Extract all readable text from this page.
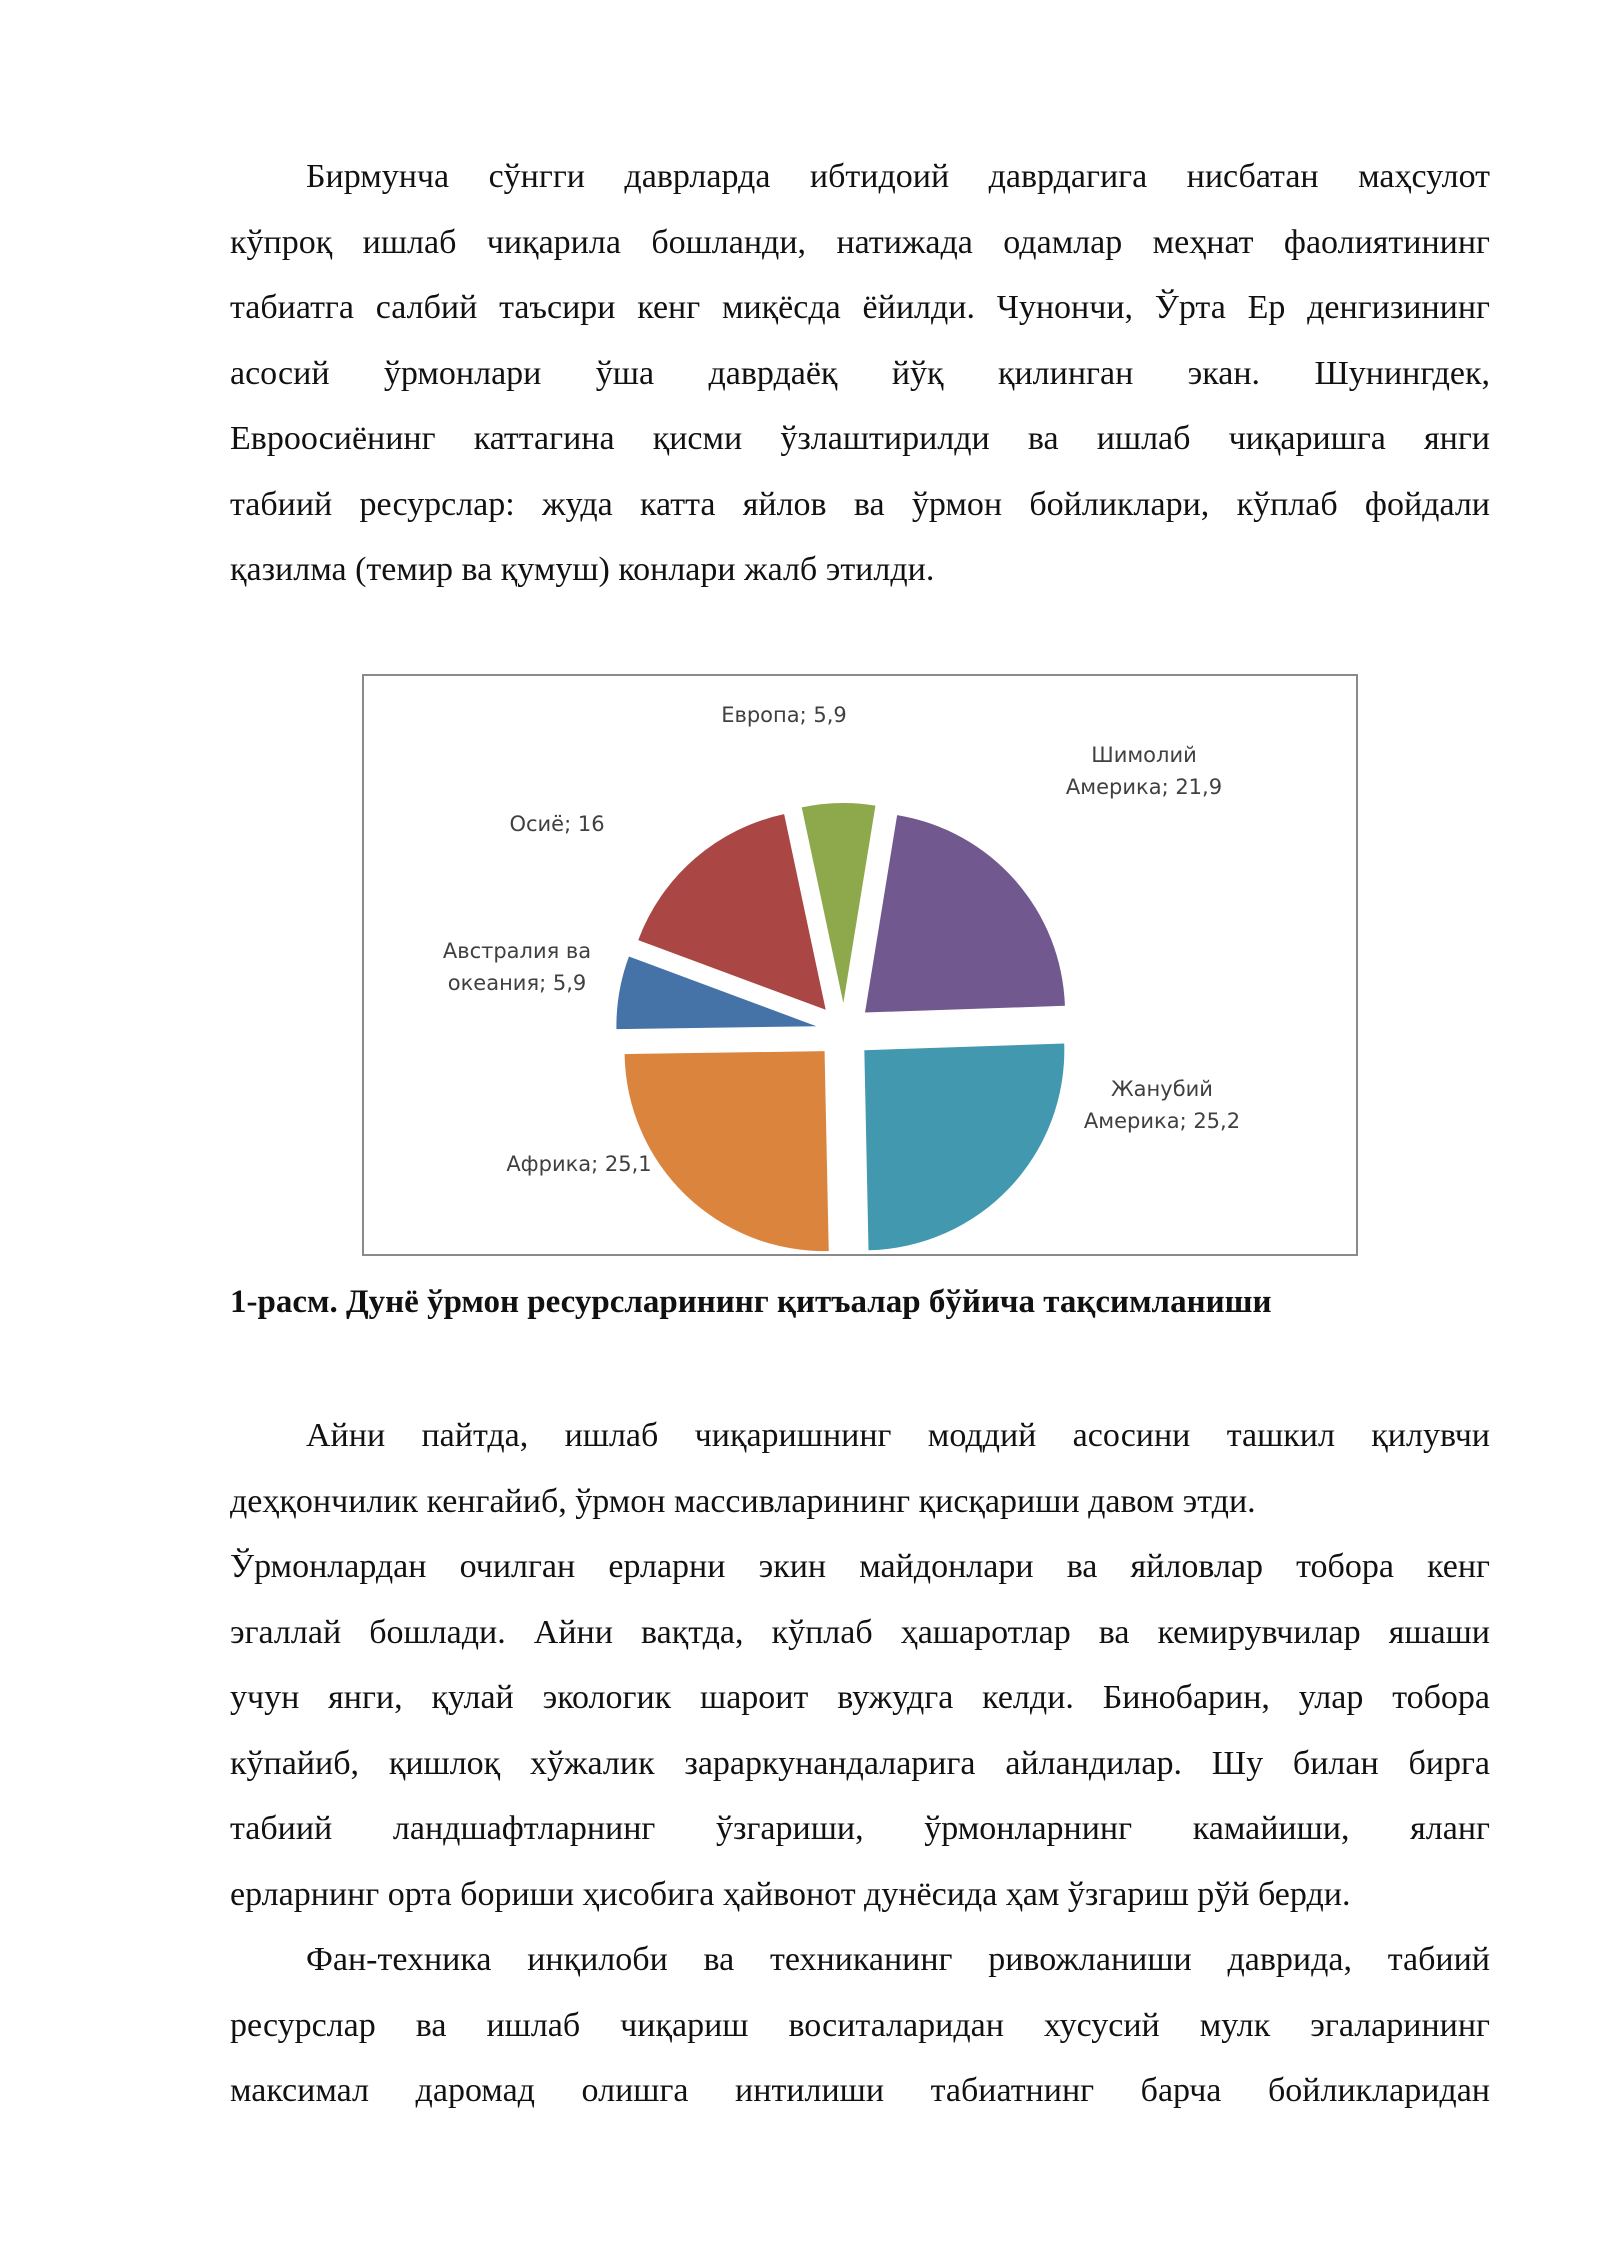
Бирмунча сўнгги даврларда ибтидоий даврдагига нисбатан маҳсулот
кўпроқ ишлаб чиқарила бошланди, натижада одамлар меҳнат фаолиятининг
табиатга салбий таъсири кенг миқёсда ёйилди. Чунончи, Ўрта Ер денгизининг
асосий ўрмонлари ўша даврдаёқ йўқ қилинган экан. Шунингдек,
Евроосиёнинг каттагина қисми ўзлаштирилди ва ишлаб чиқаришга янги
табиий ресурслар: жуда катта яйлов ва ўрмон бойликлари, кўплаб фойдали
қазилма (темир ва қумуш) конлари жалб этилди.
Европа; 5,9
Шимолий Америка; 21,9
Жанубий Америка; 25,2
Африка; 25,1
Австралия ва океания; 5,9
Осиё; 16
1-расм. Дунё ўрмон ресурсларининг қитъалар бўйича тақсимланиши
Айни пайтда, ишлаб чиқаришнинг моддий асосини ташкил қилувчи
деҳқончилик кенгайиб, ўрмон массивларининг қисқариши давом этди.
Ўрмонлардан очилган ерларни экин майдонлари ва яйловлар тобора кенг
эгаллай бошлади. Айни вақтда, кўплаб ҳашаротлар ва кемирувчилар яшаши
учун янги, қулай экологик шароит вужудга келди. Бинобарин, улар тобора
кўпайиб, қишлоқ хўжалик зараркунандаларига айландилар. Шу билан бирга
табиий ландшафтларнинг ўзгариши, ўрмонларнинг камайиши, яланг
ерларнинг орта бориши ҳисобига ҳайвонот дунёсида ҳам ўзгариш рўй берди.
Фан-техника инқилоби ва техниканинг ривожланиши даврида, табиий
ресурслар ва ишлаб чиқариш воситаларидан хусусий мулк эгаларининг
максимал даромад олишга интилиши табиатнинг барча бойликларидан
